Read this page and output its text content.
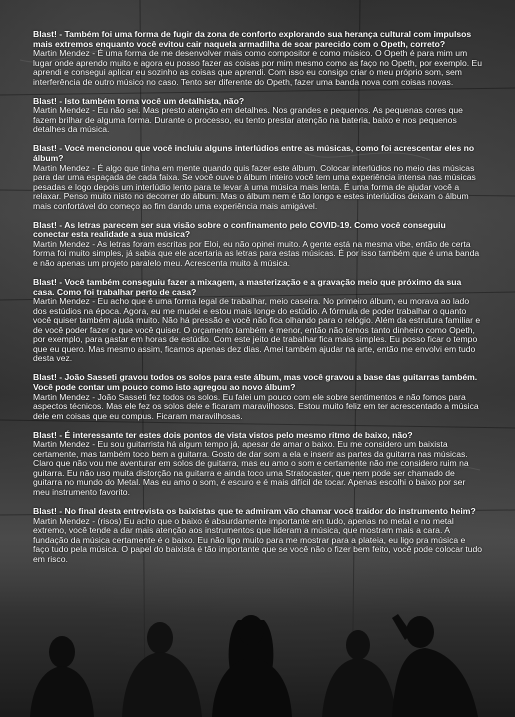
Blast! - Também foi uma forma de fugir da zona de conforto explorando sua herança cultural com impulsos mais extremos enquanto você evitou cair naquela armadilha de soar parecido com o Opeth, correto?
Martin Mendez - É uma forma de me desenvolver mais como compositor e como músico. O Opeth é para mim um lugar onde aprendo muito e agora eu posso fazer as coisas por mim mesmo como as faço no Opeth, por exemplo. Eu aprendi e consegui aplicar eu sozinho as coisas que aprendi. Com isso eu consigo criar o meu próprio som, sem interferência de outro músico no caso. Tento ser diferente do Opeth, fazer uma banda nova com coisas novas.
Blast! - Isto também torna você um detalhista, não?
Martin Mendez - Eu não sei. Mas presto atenção em detalhes. Nos grandes e pequenos. As pequenas cores que fazem brilhar de alguma forma. Durante o processo, eu tento prestar atenção na bateria, baixo e nos pequenos detalhes da música.
Blast! - Você mencionou que você incluiu alguns interlúdios entre as músicas, como foi acrescentar eles no álbum?
Martin Mendez - É algo que tinha em mente quando quis fazer este álbum. Colocar interlúdios no meio das músicas para dar uma espaçada de cada faixa. Se você ouve o álbum inteiro você tem uma experiência intensa nas músicas pesadas e logo depois um interlúdio lento para te levar à uma música mais lenta. É uma forma de ajudar você a relaxar. Penso muito nisto no decorrer do álbum. Mas o álbum nem é tão longo e estes interlúdios deixam o álbum mais confortável do começo ao fim dando uma experiência mais amigável.
Blast! - As letras parecem ser sua visão sobre o confinamento pelo COVID-19. Como você conseguiu conectar esta realidade a sua música?
Martin Mendez - As letras foram escritas por Eloi, eu não opinei muito. A gente está na mesma vibe, então de certa forma foi muito simples, já sabia que ele acertaria as letras para estas músicas. É por isso também que é uma banda e não apenas um projeto paralelo meu. Acrescenta muito à música.
Blast! - Você também conseguiu fazer a mixagem, a masterização e a gravação meio que próximo da sua casa. Como foi trabalhar perto de casa?
Martin Mendez - Eu acho que é uma forma legal de trabalhar, meio caseira. No primeiro álbum, eu morava ao lado dos estúdios na época. Agora, eu me mudei e estou mais longe do estúdio. A fórmula de poder trabalhar o quanto você quiser também ajuda muito. Não há pressão e você não fica olhando para o relógio. Além da estrutura familiar e de você poder fazer o que você quiser. O orçamento também é menor, então não temos tanto dinheiro como Opeth, por exemplo, para gastar em horas de estúdio. Com este jeito de trabalhar fica mais simples. Eu posso ficar o tempo que eu quero. Mas mesmo assim, ficamos apenas dez dias. Amei também ajudar na arte, então me envolvi em tudo desta vez.
Blast! - João Sasseti gravou todos os solos para este álbum, mas você gravou a base das guitarras também. Você pode contar um pouco como isto agregou ao novo álbum?
Martin Mendez - João Sasseti fez todos os solos. Eu falei um pouco com ele sobre sentimentos e não fomos para aspectos técnicos. Mas ele fez os solos dele e ficaram maravilhosos. Estou muito feliz em ter acrescentado a música dele em coisas que eu compus. Ficaram maravilhosas.
Blast! - É interessante ter estes dois pontos de vista vistos pelo mesmo ritmo de baixo, não?
Martin Mendez - Eu sou guitarrista há algum tempo já, apesar de amar o baixo. Eu me considero um baixista certamente, mas também toco bem a guitarra. Gosto de dar som a ela e inserir as partes da guitarra nas músicas. Claro que não vou me aventurar em solos de guitarra, mas eu amo o som e certamente não me considero ruim na guitarra. Eu não uso muita distorção na guitarra e ainda toco uma Stratocaster, que nem pode ser chamado de guitarra no mundo do Metal. Mas eu amo o som, é escuro e é mais difícil de tocar. Apenas escolhi o baixo por ser meu instrumento favorito.
Blast! - No final desta entrevista os baixistas que te admiram vão chamar você traidor do instrumento heim?
Martin Mendez - (risos) Eu acho que o baixo é absurdamente importante em tudo, apenas no metal e no metal extremo, você tende a dar mais atenção aos instrumentos que lideram a música, que mostram mais a cara. A fundação da música certamente é o baixo. Eu não ligo muito para me mostrar para a plateia, eu ligo pra música e faço tudo pela música. O papel do baixista é tão importante que se você não o fizer bem feito, você pode colocar tudo em risco.
